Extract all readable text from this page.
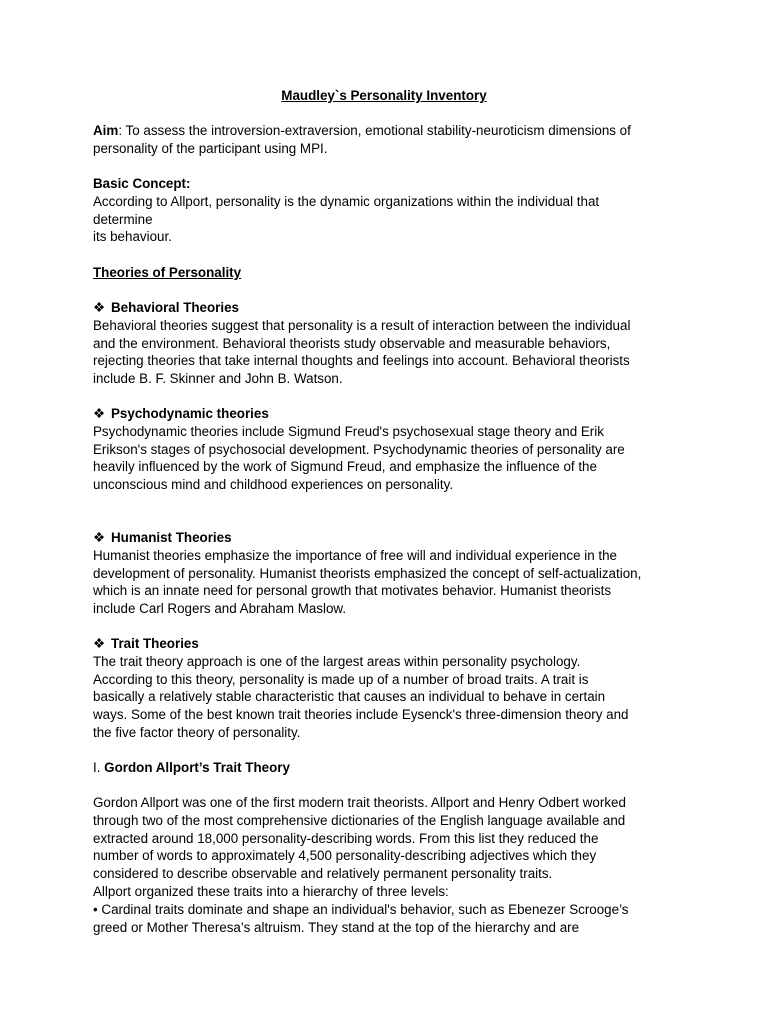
Maudley`s Personality Inventory
Aim: To assess the introversion-extraversion, emotional stability-neuroticism dimensions of
personality of the participant using MPI.
Basic Concept:
According to Allport, personality is the dynamic organizations within the individual that
determine
its behaviour.
Theories of Personality
❖ Behavioral Theories
Behavioral theories suggest that personality is a result of interaction between the individual
and the environment. Behavioral theorists study observable and measurable behaviors,
rejecting theories that take internal thoughts and feelings into account. Behavioral theorists
include B. F. Skinner and John B. Watson.
❖ Psychodynamic theories
Psychodynamic theories include Sigmund Freud's psychosexual stage theory and Erik
Erikson's stages of psychosocial development. Psychodynamic theories of personality are
heavily influenced by the work of Sigmund Freud, and emphasize the influence of the
unconscious mind and childhood experiences on personality.
❖ Humanist Theories
Humanist theories emphasize the importance of free will and individual experience in the
development of personality. Humanist theorists emphasized the concept of self-actualization,
which is an innate need for personal growth that motivates behavior. Humanist theorists
include Carl Rogers and Abraham Maslow.
❖ Trait Theories
The trait theory approach is one of the largest areas within personality psychology.
According to this theory, personality is made up of a number of broad traits. A trait is
basically a relatively stable characteristic that causes an individual to behave in certain
ways. Some of the best known trait theories include Eysenck's three-dimension theory and
the five factor theory of personality.
I. Gordon Allport’s Trait Theory
Gordon Allport was one of the first modern trait theorists. Allport and Henry Odbert worked
through two of the most comprehensive dictionaries of the English language available and
extracted around 18,000 personality-describing words. From this list they reduced the
number of words to approximately 4,500 personality-describing adjectives which they
considered to describe observable and relatively permanent personality traits.
Allport organized these traits into a hierarchy of three levels:
• Cardinal traits dominate and shape an individual's behavior, such as Ebenezer Scrooge’s
greed or Mother Theresa’s altruism. They stand at the top of the hierarchy and are
